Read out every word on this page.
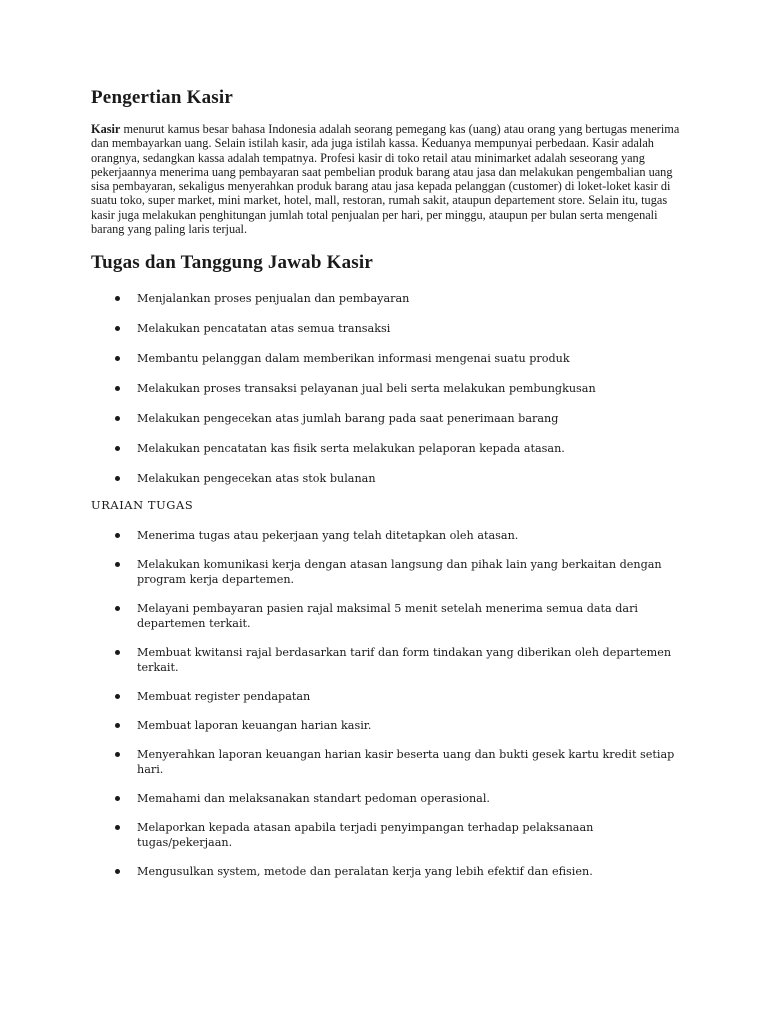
Pengertian Kasir

Kasir menurut kamus besar bahasa Indonesia adalah seorang pemegang kas (uang) atau orang yang bertugas menerima dan membayarkan uang. Selain istilah kasir, ada juga istilah kassa. Keduanya mempunyai perbedaan. Kasir adalah orangnya, sedangkan kassa adalah tempatnya. Profesi kasir di toko retail atau minimarket adalah seseorang yang pekerjaannya menerima uang pembayaran saat pembelian produk barang atau jasa dan melakukan pengembalian uang sisa pembayaran, sekaligus menyerahkan produk barang atau jasa kepada pelanggan (customer) di loket-loket kasir di suatu toko, super market, mini market, hotel, mall, restoran, rumah sakit, ataupun departement store. Selain itu, tugas kasir juga melakukan penghitungan jumlah total penjualan per hari, per minggu, ataupun per bulan serta mengenali barang yang paling laris terjual.

Tugas dan Tanggung Jawab Kasir
Menjalankan proses penjualan dan pembayaran
Melakukan pencatatan atas semua transaksi
Membantu pelanggan dalam memberikan informasi mengenai suatu produk
Melakukan proses transaksi pelayanan jual beli serta melakukan pembungkusan
Melakukan pengecekan atas jumlah barang pada saat penerimaan barang
Melakukan pencatatan kas fisik serta melakukan pelaporan kepada atasan.
Melakukan pengecekan atas stok bulanan
URAIAN TUGAS
Menerima tugas atau pekerjaan yang telah ditetapkan oleh atasan.
Melakukan komunikasi kerja dengan atasan langsung dan pihak lain yang berkaitan dengan program kerja departemen.
Melayani pembayaran pasien rajal maksimal 5 menit setelah menerima semua data dari departemen terkait.
Membuat kwitansi rajal berdasarkan tarif dan form tindakan yang diberikan oleh departemen terkait.
Membuat register pendapatan
Membuat laporan keuangan harian kasir.
Menyerahkan laporan keuangan harian kasir beserta uang dan bukti gesek kartu kredit setiap hari.
Memahami dan melaksanakan standart pedoman operasional.
Melaporkan kepada atasan apabila terjadi penyimpangan terhadap pelaksanaan tugas/pekerjaan.
Mengusulkan system, metode dan peralatan kerja yang lebih efektif dan efisien.
